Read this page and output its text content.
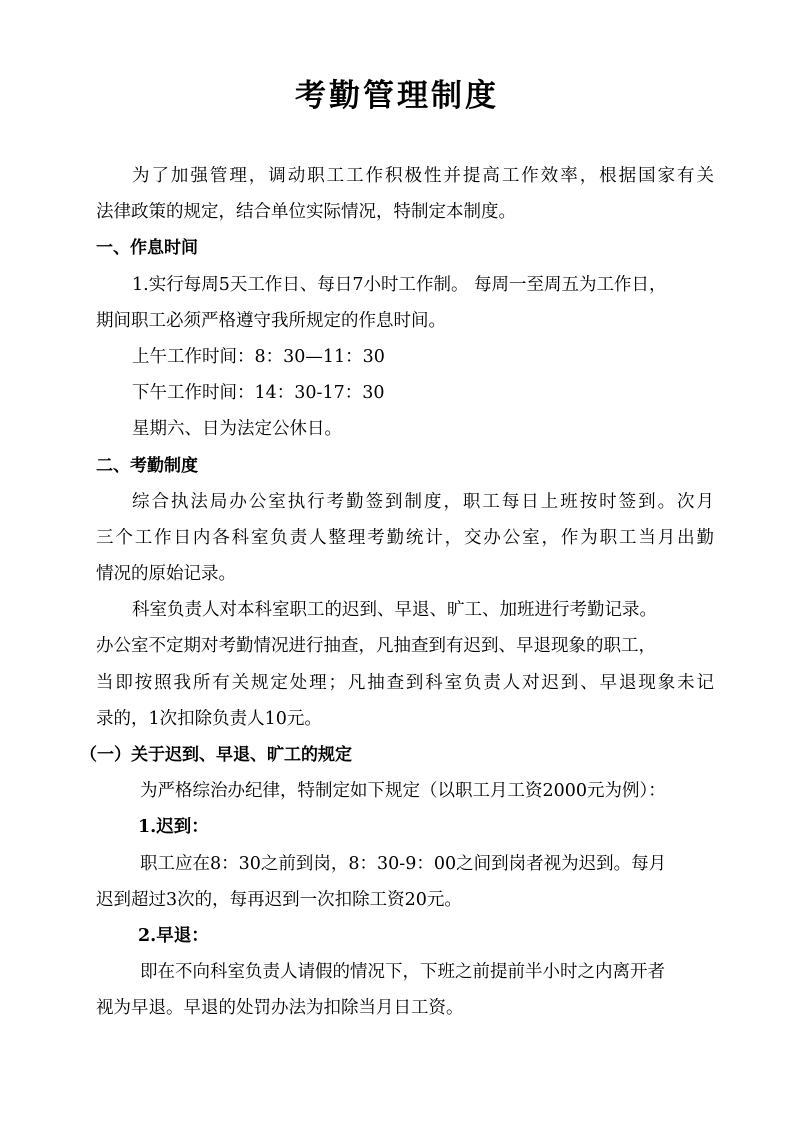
考勤管理制度
为了加强管理，调动职工工作积极性并提高工作效率，根据国家有关
法律政策的规定，结合单位实际情况，特制定本制度。
一、作息时间
1.实行每周5天工作日、每日7小时工作制。 每周一至周五为工作日，
期间职工必须严格遵守我所规定的作息时间。
上午工作时间：8：30—11：30
下午工作时间：14：30-17：30
星期六、日为法定公休日。
二、考勤制度
综合执法局办公室执行考勤签到制度，职工每日上班按时签到。次月
三个工作日内各科室负责人整理考勤统计，交办公室，作为职工当月出勤
情况的原始记录。
科室负责人对本科室职工的迟到、早退、旷工、加班进行考勤记录。
办公室不定期对考勤情况进行抽查，凡抽查到有迟到、早退现象的职工，
当即按照我所有关规定处理；凡抽查到科室负责人对迟到、早退现象未记
录的，1次扣除负责人10元。
（一）关于迟到、早退、旷工的规定
为严格综治办纪律，特制定如下规定（以职工月工资2000元为例）：
1.迟到：
职工应在8：30之前到岗，8：30-9：00之间到岗者视为迟到。每月
迟到超过3次的，每再迟到一次扣除工资20元。
2.早退：
即在不向科室负责人请假的情况下，下班之前提前半小时之内离开者
视为早退。早退的处罚办法为扣除当月日工资。
